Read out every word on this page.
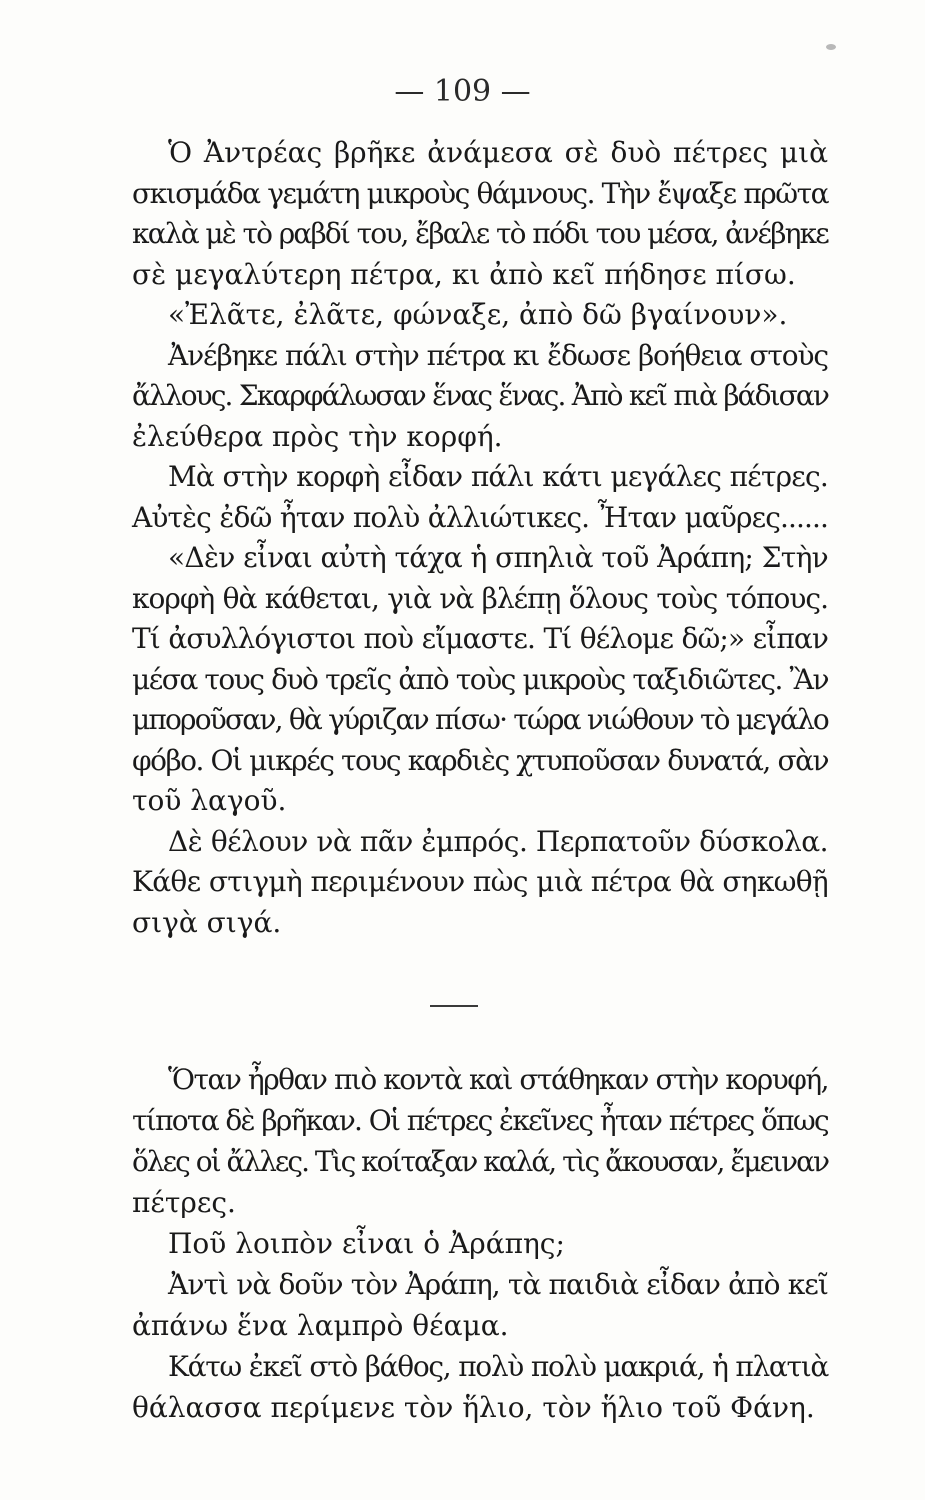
— 109 —
Ὁ Ἀντρέας βρῆκε ἀνάμεσα σὲ δυὸ πέτρες μιὰ
σκισμάδα γεμάτη μικροὺς θάμνους. Τὴν ἔψαξε πρῶτα
καλὰ μὲ τὸ ραβδί του, ἔβαλε τὸ πόδι του μέσα, ἀνέβηκε
σὲ μεγαλύτερη πέτρα, κι ἀπὸ κεῖ πήδησε πίσω.
«Ἐλᾶτε, ἐλᾶτε, φώναξε, ἀπὸ δῶ βγαίνουν».
Ἀνέβηκε πάλι στὴν πέτρα κι ἔδωσε βοήθεια στοὺς
ἄλλους. Σκαρφάλωσαν ἕνας ἕνας. Ἀπὸ κεῖ πιὰ βάδισαν
ἐλεύθερα πρὸς τὴν κορφή.
Μὰ στὴν κορφὴ εἶδαν πάλι κάτι μεγάλες πέτρες.
Αὐτὲς ἐδῶ ἦταν πολὺ ἀλλιώτικες. Ἦταν μαῦρες......
«Δὲν εἶναι αὐτὴ τάχα ἡ σπηλιὰ τοῦ Ἀράπη; Στὴν
κορφὴ θὰ κάθεται, γιὰ νὰ βλέπῃ ὅλους τοὺς τόπους.
Τί ἀσυλλόγιστοι ποὺ εἴμαστε. Τί θέλομε δῶ;» εἶπαν
μέσα τους δυὸ τρεῖς ἀπὸ τοὺς μικροὺς ταξιδιῶτες. Ἂν
μποροῦσαν, θὰ γύριζαν πίσω· τώρα νιώθουν τὸ μεγάλο
φόβο. Οἱ μικρές τους καρδιὲς χτυποῦσαν δυνατά, σὰν
τοῦ λαγοῦ.
Δὲ θέλουν νὰ πᾶν ἐμπρός. Περπατοῦν δύσκολα.
Κάθε στιγμὴ περιμένουν πὼς μιὰ πέτρα θὰ σηκωθῇ
σιγὰ σιγά.
Ὅταν ἦρθαν πιὸ κοντὰ καὶ στάθηκαν στὴν κορυφή,
τίποτα δὲ βρῆκαν. Οἱ πέτρες ἐκεῖνες ἦταν πέτρες ὅπως
ὅλες οἱ ἄλλες. Τὶς κοίταξαν καλά, τὶς ἄκουσαν, ἔμειναν
πέτρες.
Ποῦ λοιπὸν εἶναι ὁ Ἀράπης;
Ἀντὶ νὰ δοῦν τὸν Ἀράπη, τὰ παιδιὰ εἶδαν ἀπὸ κεῖ
ἀπάνω ἕνα λαμπρὸ θέαμα.
Κάτω ἐκεῖ στὸ βάθος, πολὺ πολὺ μακριά, ἡ πλατιὰ
θάλασσα περίμενε τὸν ἥλιο, τὸν ἥλιο τοῦ Φάνη.
